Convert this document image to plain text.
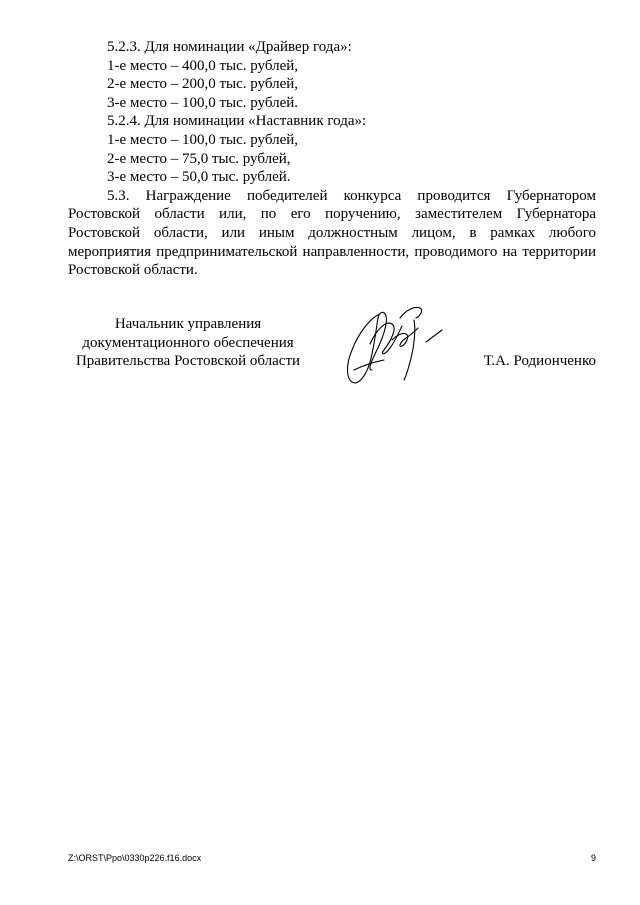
5.2.3. Для номинации «Драйвер года»:

1-е место – 400,0 тыс. рублей,

2-е место – 200,0 тыс. рублей,

3-е место – 100,0 тыс. рублей.

5.2.4. Для номинации «Наставник года»:

1-е место – 100,0 тыс. рублей,

2-е место – 75,0 тыс. рублей,

3-е место – 50,0 тыс. рублей.

5.3. Награждение победителей конкурса проводится Губернатором Ростовской области или, по его поручению, заместителем Губернатора Ростовской области, или иным должностным лицом, в рамках любого мероприятия предпринимательской направленности, проводимого на территории Ростовской области.

Начальник управления
документационного обеспечения
Правительства Ростовской области	Т.А. Родионченко
Z:\ORST\Ppo\0330p226.f16.docx	9
